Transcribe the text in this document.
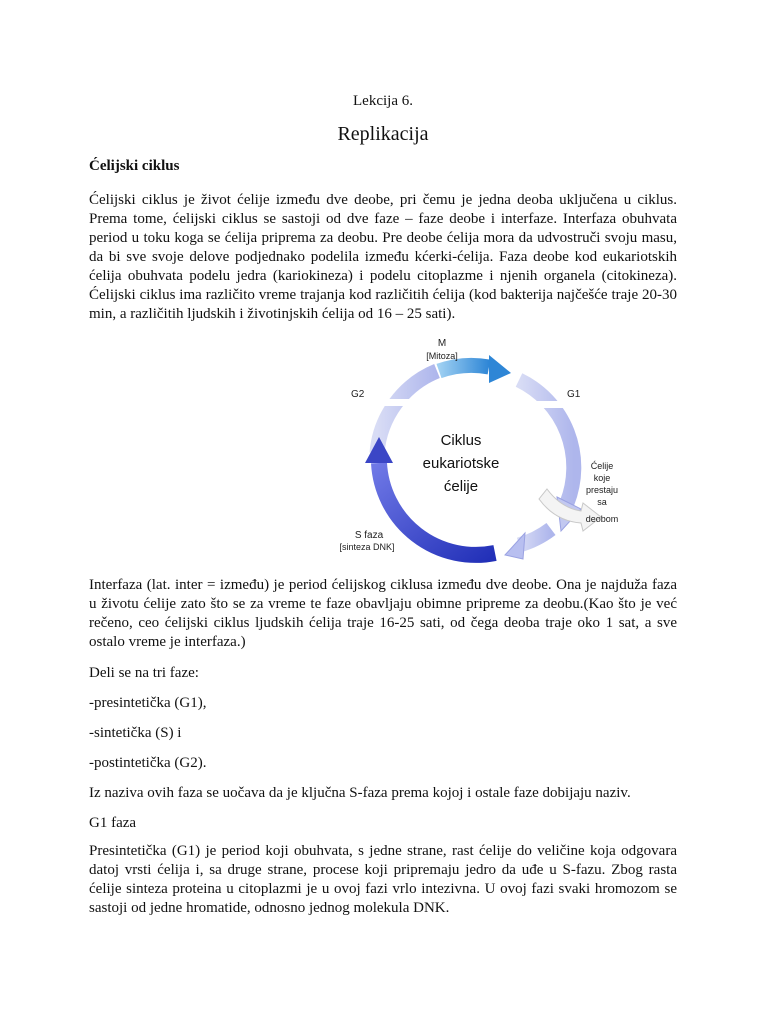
Lekcija 6.
Replikacija
Ćelijski ciklus

Ćelijski ciklus je život ćelije između dve deobe, pri čemu je jedna deoba uključena u ciklus. Prema tome, ćelijski ciklus se sastoji od dve faze – faze deobe i interfaze. Interfaza obuhvata period u toku koga se ćelija priprema za deobu. Pre deobe ćelija mora da udvostruči svoju masu, da bi sve svoje delove podjednako podelila između kćerki-ćelija. Faza deobe kod eukariotskih ćelija obuhvata podelu jedra (kariokineza) i podelu citoplazme i njenih organela (citokineza). Ćelijski ciklus ima različito vreme trajanja kod različitih ćelija (kod bakterija najčešće traje 20-30 min, a različitih ljudskih i životinjskih ćelija od 16 – 25 sati).

Ciklus
eukariotske
ćelije
M
[Mitoza]
G2	G1
S faza
[sinteza DNK]
Ćelije
koje
prestaju
sa
deobom

Interfaza (lat. inter = između) je period ćelijskog ciklusa između dve deobe. Ona je najduža faza u životu ćelije zato što se za vreme te faze obavljaju obimne pripreme za deobu.(Kao što je već rečeno, ceo ćelijski ciklus ljudskih ćelija traje 16-25 sati, od čega deoba traje oko 1 sat, a sve ostalo vreme je interfaza.)

Deli se na tri faze:
-presintetička (G1),
-sintetička (S) i
-postintetička (G2).
Iz naziva ovih faza se uočava da je ključna S-faza prema kojoj i ostale faze dobijaju naziv.
G1 faza

Presintetička (G1) je period koji obuhvata, s jedne strane, rast ćelije do veličine koja odgovara datoj vrsti ćelija i, sa druge strane, procese koji pripremaju jedro da uđe u S-fazu. Zbog rasta ćelije sinteza proteina u citoplazmi je u ovoj fazi vrlo intezivna. U ovoj fazi svaki hromozom se sastoji od jedne hromatide, odnosno jednog molekula DNK.
